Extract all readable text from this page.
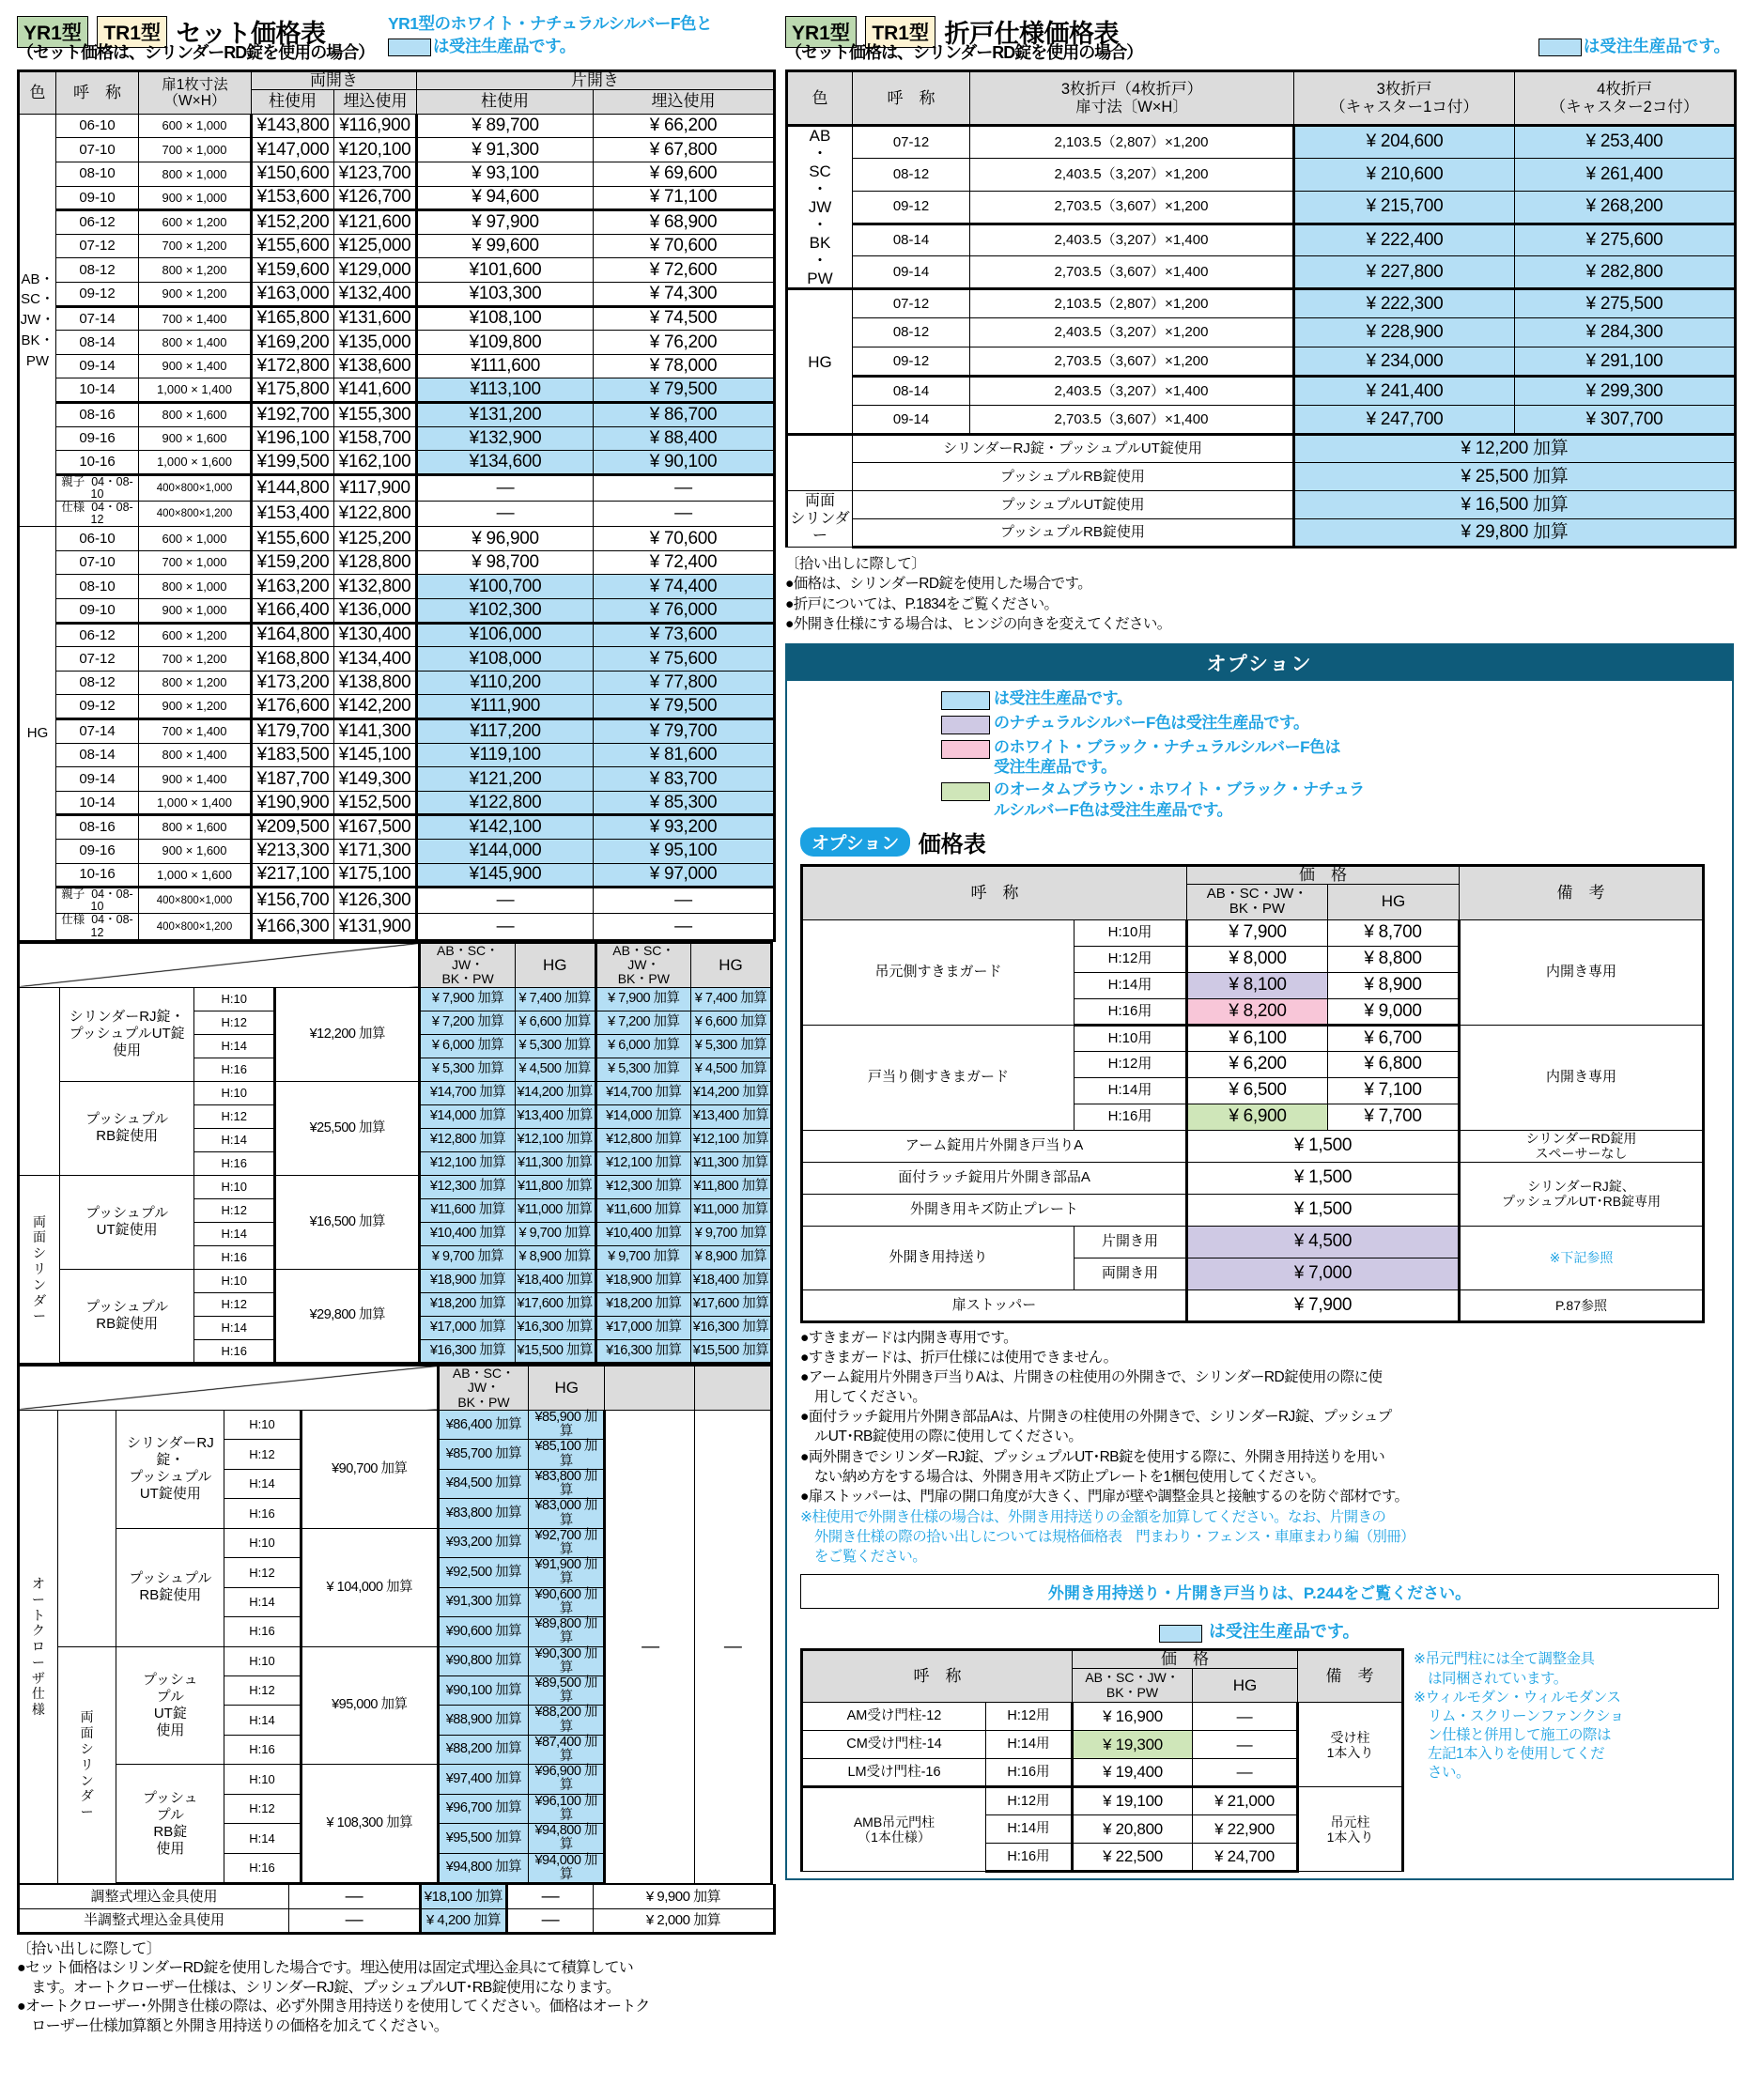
YR1型 TR1型 セット価格表
（セット価格は、シリンダーRD錠を使用の場合）
YR1型のホワイト・ナチュラルシルバーF色と
は受注生産品です。
色	呼　称	扉1枚寸法
（W×H）	両開き		片開き	
			柱使用	埋込使用	柱使用	埋込使用
AB・SC・JW・BK・PW	06-10	600 × 1,000	¥143,800	¥116,900	¥ 89,700	¥ 66,200
	07-10	700 × 1,000	¥147,000	¥120,100	¥ 91,300	¥ 67,800
	08-10	800 × 1,000	¥150,600	¥123,700	¥ 93,100	¥ 69,600
	09-10	900 × 1,000	¥153,600	¥126,700	¥ 94,600	¥ 71,100
	06-12	600 × 1,200	¥152,200	¥121,600	¥ 97,900	¥ 68,900
	07-12	700 × 1,200	¥155,600	¥125,000	¥ 99,600	¥ 70,600
	08-12	800 × 1,200	¥159,600	¥129,000	¥101,600	¥ 72,600
	09-12	900 × 1,200	¥163,000	¥132,400	¥103,300	¥ 74,300
	07-14	700 × 1,400	¥165,800	¥131,600	¥108,100	¥ 74,500
	08-14	800 × 1,400	¥169,200	¥135,000	¥109,800	¥ 76,200
	09-14	900 × 1,400	¥172,800	¥138,600	¥111,600	¥ 78,000
	10-14	1,000 × 1,400	¥175,800	¥141,600	¥113,100	¥ 79,500
	08-16	800 × 1,600	¥192,700	¥155,300	¥131,200	¥ 86,700
	09-16	900 × 1,600	¥196,100	¥158,700	¥132,900	¥ 88,400
	10-16	1,000 × 1,600	¥199,500	¥162,100	¥134,600	¥ 90,100
	親子  04・08-10	400×800×1,000	¥144,800	¥117,900	—	—
	仕様  04・08-12	400×800×1,200	¥153,400	¥122,800	—	—
HG	06-10	600 × 1,000	¥155,600	¥125,200	¥ 96,900	¥ 70,600
	07-10	700 × 1,000	¥159,200	¥128,800	¥ 98,700	¥ 72,400
	08-10	800 × 1,000	¥163,200	¥132,800	¥100,700	¥ 74,400
	09-10	900 × 1,000	¥166,400	¥136,000	¥102,300	¥ 76,000
	06-12	600 × 1,200	¥164,800	¥130,400	¥106,000	¥ 73,600
	07-12	700 × 1,200	¥168,800	¥134,400	¥108,000	¥ 75,600
	08-12	800 × 1,200	¥173,200	¥138,800	¥110,200	¥ 77,800
	09-12	900 × 1,200	¥176,600	¥142,200	¥111,900	¥ 79,500
	07-14	700 × 1,400	¥179,700	¥141,300	¥117,200	¥ 79,700
	08-14	800 × 1,400	¥183,500	¥145,100	¥119,100	¥ 81,600
	09-14	900 × 1,400	¥187,700	¥149,300	¥121,200	¥ 83,700
	10-14	1,000 × 1,400	¥190,900	¥152,500	¥122,800	¥ 85,300
	08-16	800 × 1,600	¥209,500	¥167,500	¥142,100	¥ 93,200
	09-16	900 × 1,600	¥213,300	¥171,300	¥144,000	¥ 95,100
	10-16	1,000 × 1,600	¥217,100	¥175,100	¥145,900	¥ 97,000
	親子  04・08-10	400×800×1,000	¥156,700	¥126,300	—	—
	仕様  04・08-12	400×800×1,200	¥166,300	¥131,900	—	—
				AB・SC・JW・
BK・PW	HG	AB・SC・JW・
BK・PW	HG
	シリンダーRJ錠・
プッシュプルUT錠
使用	H:10	¥12,200 加算	¥ 7,900 加算	¥ 7,400 加算	¥ 7,900 加算	¥ 7,400 加算
		H:12		¥ 7,200 加算	¥ 6,600 加算	¥ 7,200 加算	¥ 6,600 加算
		H:14		¥ 6,000 加算	¥ 5,300 加算	¥ 6,000 加算	¥ 5,300 加算
		H:16		¥ 5,300 加算	¥ 4,500 加算	¥ 5,300 加算	¥ 4,500 加算
	プッシュプル
RB錠使用	H:10	¥25,500 加算	¥14,700 加算	¥14,200 加算	¥14,700 加算	¥14,200 加算
		H:12		¥14,000 加算	¥13,400 加算	¥14,000 加算	¥13,400 加算
		H:14		¥12,800 加算	¥12,100 加算	¥12,800 加算	¥12,100 加算
		H:16		¥12,100 加算	¥11,300 加算	¥12,100 加算	¥11,300 加算
両
面
シ
リ
ン
ダ
ー	プッシュプル
UT錠使用	H:10	¥16,500 加算	¥12,300 加算	¥11,800 加算	¥12,300 加算	¥11,800 加算
		H:12		¥11,600 加算	¥11,000 加算	¥11,600 加算	¥11,000 加算
		H:14		¥10,400 加算	¥ 9,700 加算	¥10,400 加算	¥ 9,700 加算
		H:16		¥ 9,700 加算	¥ 8,900 加算	¥ 9,700 加算	¥ 8,900 加算
	プッシュプル
RB錠使用	H:10	¥29,800 加算	¥18,900 加算	¥18,400 加算	¥18,900 加算	¥18,400 加算
		H:12		¥18,200 加算	¥17,600 加算	¥18,200 加算	¥17,600 加算
		H:14		¥17,000 加算	¥16,300 加算	¥17,000 加算	¥16,300 加算
		H:16		¥16,300 加算	¥15,500 加算	¥16,300 加算	¥15,500 加算
					AB・SC・JW・
BK・PW	HG		
オ
ー
ト
ク
ロ
ー
ザ
仕
様		シリンダーRJ錠・
プッシュプル
UT錠使用	H:10	¥90,700 加算	¥86,400 加算	¥85,900 加算	—	—
			H:12		¥85,700 加算	¥85,100 加算		
			H:14		¥84,500 加算	¥83,800 加算		
			H:16		¥83,800 加算	¥83,000 加算		
		プッシュプル
RB錠使用	H:10	¥ 104,000 加算	¥93,200 加算	¥92,700 加算		
			H:12		¥92,500 加算	¥91,900 加算		
			H:14		¥91,300 加算	¥90,600 加算		
			H:16		¥90,600 加算	¥89,800 加算		
両
面
シ
リ
ン
ダ
ー	プッシュ
プル
UT錠
使用	H:10	¥95,000 加算	¥90,800 加算	¥90,300 加算
			H:12		¥90,100 加算	¥89,500 加算		
			H:14		¥88,900 加算	¥88,200 加算		
			H:16		¥88,200 加算	¥87,400 加算		
		プッシュ
プル
RB錠
使用	H:10	¥ 108,300 加算	¥97,400 加算	¥96,900 加算		
			H:12		¥96,700 加算	¥96,100 加算		
			H:14		¥95,500 加算	¥94,800 加算		
			H:16		¥94,800 加算	¥94,000 加算		
調整式埋込金具使用	—	¥18,100 加算	—	¥ 9,900 加算
半調整式埋込金具使用	—	¥ 4,200 加算	—	¥ 2,000 加算

〔拾い出しに際して〕

●セット価格はシリンダーRD錠を使用した場合です。埋込使用は固定式埋込金具にて積算してい

　ます。オートクローザー仕様は、シリンダーRJ錠、プッシュプルUT･RB錠使用になります。

●オートクローザー･外開き仕様の際は、必ず外開き用持送りを使用してください。価格はオートク

　ローザー仕様加算額と外開き用持送りの価格を加えてください。

YR1型 TR1型 折戸仕様価格表
（セット価格は、シリンダーRD錠を使用の場合）	は受注生産品です。
色	呼　称	3枚折戸（4枚折戸）
扉寸法〔W×H〕	3枚折戸
（キャスター1コ付）	4枚折戸
（キャスター2コ付）
AB
・
SC
・
JW
・
BK
・
PW	07-12	2,103.5（2,807）×1,200	¥ 204,600	¥ 253,400
	08-12	2,403.5（3,207）×1,200	¥ 210,600	¥ 261,400
	09-12	2,703.5（3,607）×1,200	¥ 215,700	¥ 268,200
	08-14	2,403.5（3,207）×1,400	¥ 222,400	¥ 275,600
	09-14	2,703.5（3,607）×1,400	¥ 227,800	¥ 282,800
HG	07-12	2,103.5（2,807）×1,200	¥ 222,300	¥ 275,500
	08-12	2,403.5（3,207）×1,200	¥ 228,900	¥ 284,300
	09-12	2,703.5（3,607）×1,200	¥ 234,000	¥ 291,100
	08-14	2,403.5（3,207）×1,400	¥ 241,400	¥ 299,300
	09-14	2,703.5（3,607）×1,400	¥ 247,700	¥ 307,700
	シリンダーRJ錠・プッシュプルUT錠使用		¥ 12,200 加算	
	プッシュプルRB錠使用		¥ 25,500 加算	
両面
シリンダー	プッシュプルUT錠使用		¥ 16,500 加算	
	プッシュプルRB錠使用		¥ 29,800 加算	

〔拾い出しに際して〕

●価格は、シリンダーRD錠を使用した場合です。

●折戸については、P.1834をご覧ください。

●外開き仕様にする場合は、ヒンジの向きを変えてください。

オプション
は受注生産品です。
のナチュラルシルバーF色は受注生産品です。
のホワイト・ブラック・ナチュラルシルバーF色は
受注生産品です。
のオータムブラウン・ホワイト・ブラック・ナチュラ
ルシルバーF色は受注生産品です。
オプション 価格表
呼　称		価　格		備　考
		AB・SC・JW・
BK・PW	HG	
吊元側すきまガード	H:10用	¥ 7,900	¥ 8,700	内開き専用
	H:12用	¥ 8,000	¥ 8,800	
	H:14用	¥ 8,100	¥ 8,900	
	H:16用	¥ 8,200	¥ 9,000	
戸当り側すきまガード	H:10用	¥ 6,100	¥ 6,700	内開き専用
	H:12用	¥ 6,200	¥ 6,800	
	H:14用	¥ 6,500	¥ 7,100	
	H:16用	¥ 6,900	¥ 7,700	
アーム錠用片外開き戸当りA		¥ 1,500		シリンダーRD錠用
スペーサーなし
面付ラッチ錠用片外開き部品A		¥ 1,500		シリンダーRJ錠、
プッシュプルUT･RB錠専用
外開き用キズ防止プレート		¥ 1,500		
外開き用持送り	片開き用	¥ 4,500		※下記参照
	両開き用	¥ 7,000		
扉ストッパー		¥ 7,900		P.87参照

●すきまガードは内開き専用です。

●すきまガードは、折戸仕様には使用できません。

●アーム錠用片外開き戸当りAは、片開きの柱使用の外開きで、シリンダーRD錠使用の際に使

　用してください。

●面付ラッチ錠用片外開き部品Aは、片開きの柱使用の外開きで、シリンダーRJ錠、プッシュプ

　ルUT･RB錠使用の際に使用してください。

●両外開きでシリンダーRJ錠、プッシュプルUT･RB錠を使用する際に、外開き用持送りを用い

　ない納め方をする場合は、外開き用キズ防止プレートを1梱包使用してください。

●扉ストッパーは、門扉の開口角度が大きく、門扉が壁や調整金具と接触するのを防ぐ部材です。

※柱使用で外開き仕様の場合は、外開き用持送りの金額を加算してください。なお、片開きの

　外開き仕様の際の拾い出しについては規格価格表　門まわり・フェンス・車庫まわり編（別冊）

　をご覧ください。

外開き用持送り・片開き戸当りは、P.244をご覧ください。
は受注生産品です。
呼　称		価　格		備　考
		AB・SC・JW・
BK・PW	HG	
AM受け門柱-12	H:12用	¥ 16,900	—	受け柱
1本入り
CM受け門柱-14	H:14用	¥ 19,300	—	
LM受け門柱-16	H:16用	¥ 19,400	—	
AMB吊元門柱
（1本仕様）	H:12用	¥ 19,100	¥ 21,000	吊元柱
1本入り
	H:14用	¥ 20,800	¥ 22,900	
	H:16用	¥ 22,500	¥ 24,700	

※吊元門柱には全て調整金具

　は同梱されています。

※ウィルモダン・ウィルモダンス

　リム・スクリーンファンクショ

　ン仕様と併用して施工の際は

　左記1本入りを使用してくだ

　さい。
